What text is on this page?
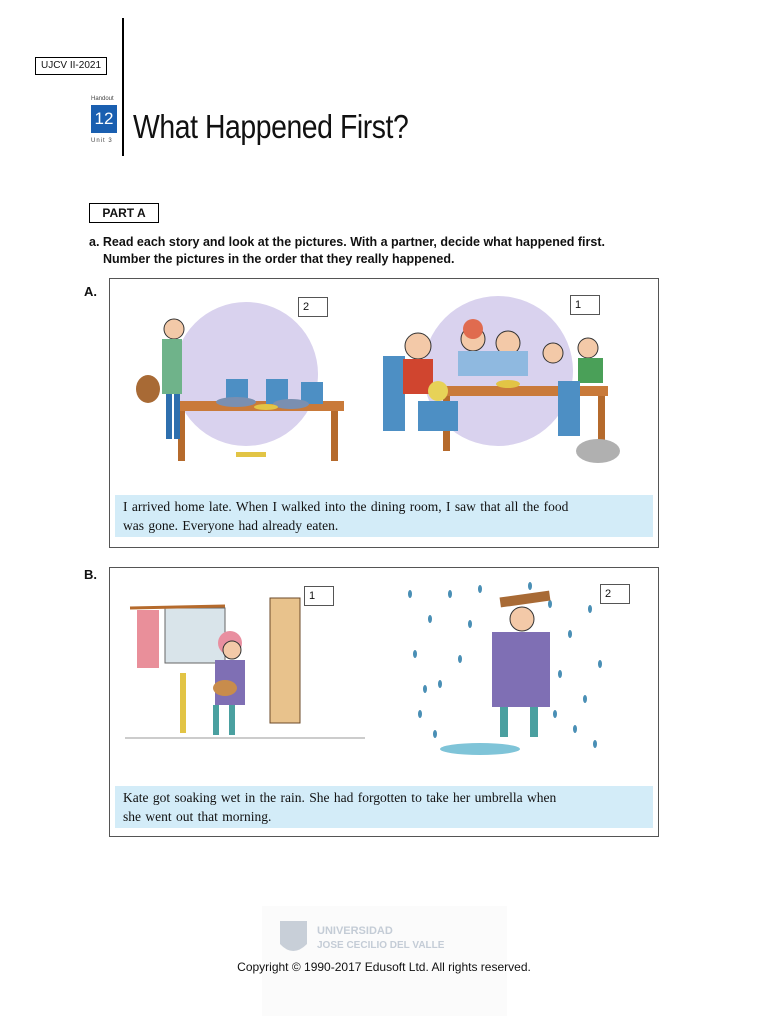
UJCV II-2021
Handout
12
Unit 3 What Happened First?
PART A
a. Read each story and look at the pictures. With a partner, decide what happened first.
Number the pictures in the order that they really happened.
A.
2	1
I arrived home late. When I walked into the dining room, I saw that all the food
was gone. Everyone had already eaten.
B.
1	2
Kate got soaking wet in the rain. She had forgotten to take her umbrella when
she went out that morning.
UNIVERSIDAD
JOSE CECILIO DEL VALLE
Copyright © 1990-2017 Edusoft Ltd. All rights reserved.
